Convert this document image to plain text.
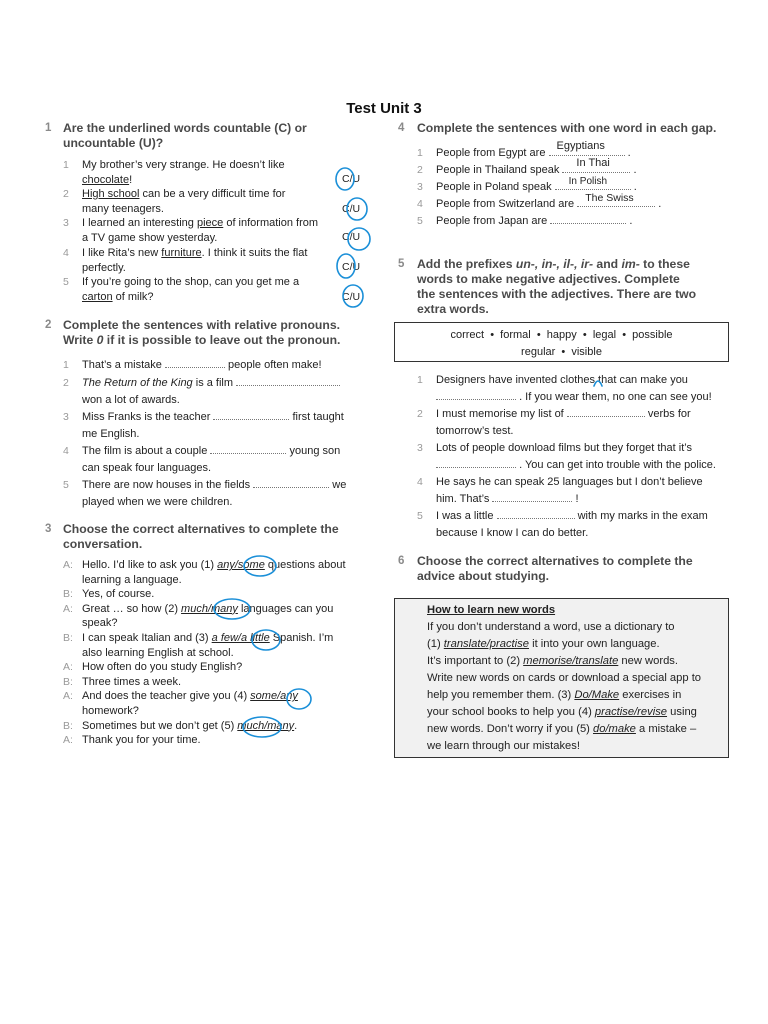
Test Unit 3
1 Are the underlined words countable (C) or
uncountable (U)?
1 My brother’s very strange. He doesn’t like
chocolate!	C/U
2 High school can be a very difficult time for
many teenagers.	C/U
3 I learned an interesting piece of information from
a TV game show yesterday.	C/U
4 I like Rita’s new furniture. I think it suits the flat
perfectly.	C/U
5 If you’re going to the shop, can you get me a
carton of milk?	C/U
2 Complete the sentences with relative pronouns.
Write 0 if it is possible to leave out the pronoun.
1 That’s a mistake	people often make!
2 The Return of the King is a film
won a lot of awards.
3 Miss Franks is the teacher	first taught
me English.
4 The film is about a couple	young son
can speak four languages.
5 There are now houses in the fields	we
played when we were children.
3 Choose the correct alternatives to complete the
conversation.
A: Hello. I’d like to ask you (1) any/some questions about
learning a language.
B: Yes, of course.
A: Great … so how (2) much/many languages can you
speak?
B: I can speak Italian and (3) a few/a little Spanish. I’m
also learning English at school.
A: How often do you study English?
B: Three times a week.
A: And does the teacher give you (4) some/any
homework?
B: Sometimes but we don’t get (5) much/many.
A: Thank you for your time.
4 Complete the sentences with one word in each gap.
1 People from Egypt are
Egyptians
.
2 People in Thailand speak
In Thai
.
3 People in Poland speak In Polish .
4 People from Switzerland are The Swiss .
5 People from Japan are	.
5 Add the prefixes un-, in-, il-, ir- and im- to these
words to make negative adjectives. Complete
the sentences with the adjectives. There are two
extra words.
correct  •  formal  •  happy  •  legal  •  possible
regular  •  visible
1 Designers have invented clothes that can make you
. If you wear them, no one can see you!
2 I must memorise my list of	verbs for
tomorrow’s test.
3 Lots of people download films but they forget that it’s
. You can get into trouble with the police.
4 He says he can speak 25 languages but I don’t believe
him. That’s	!
5 I was a little	with my marks in the exam
because I know I can do better.
6 Choose the correct alternatives to complete the
advice about studying.
How to learn new words
If you don’t understand a word, use a dictionary to
(1) translate/practise it into your own language.
It’s important to (2) memorise/translate new words.
Write new words on cards or download a special app to
help you remember them. (3) Do/Make exercises in
your school books to help you (4) practise/revise using
new words. Don’t worry if you (5) do/make a mistake –
we learn through our mistakes!
